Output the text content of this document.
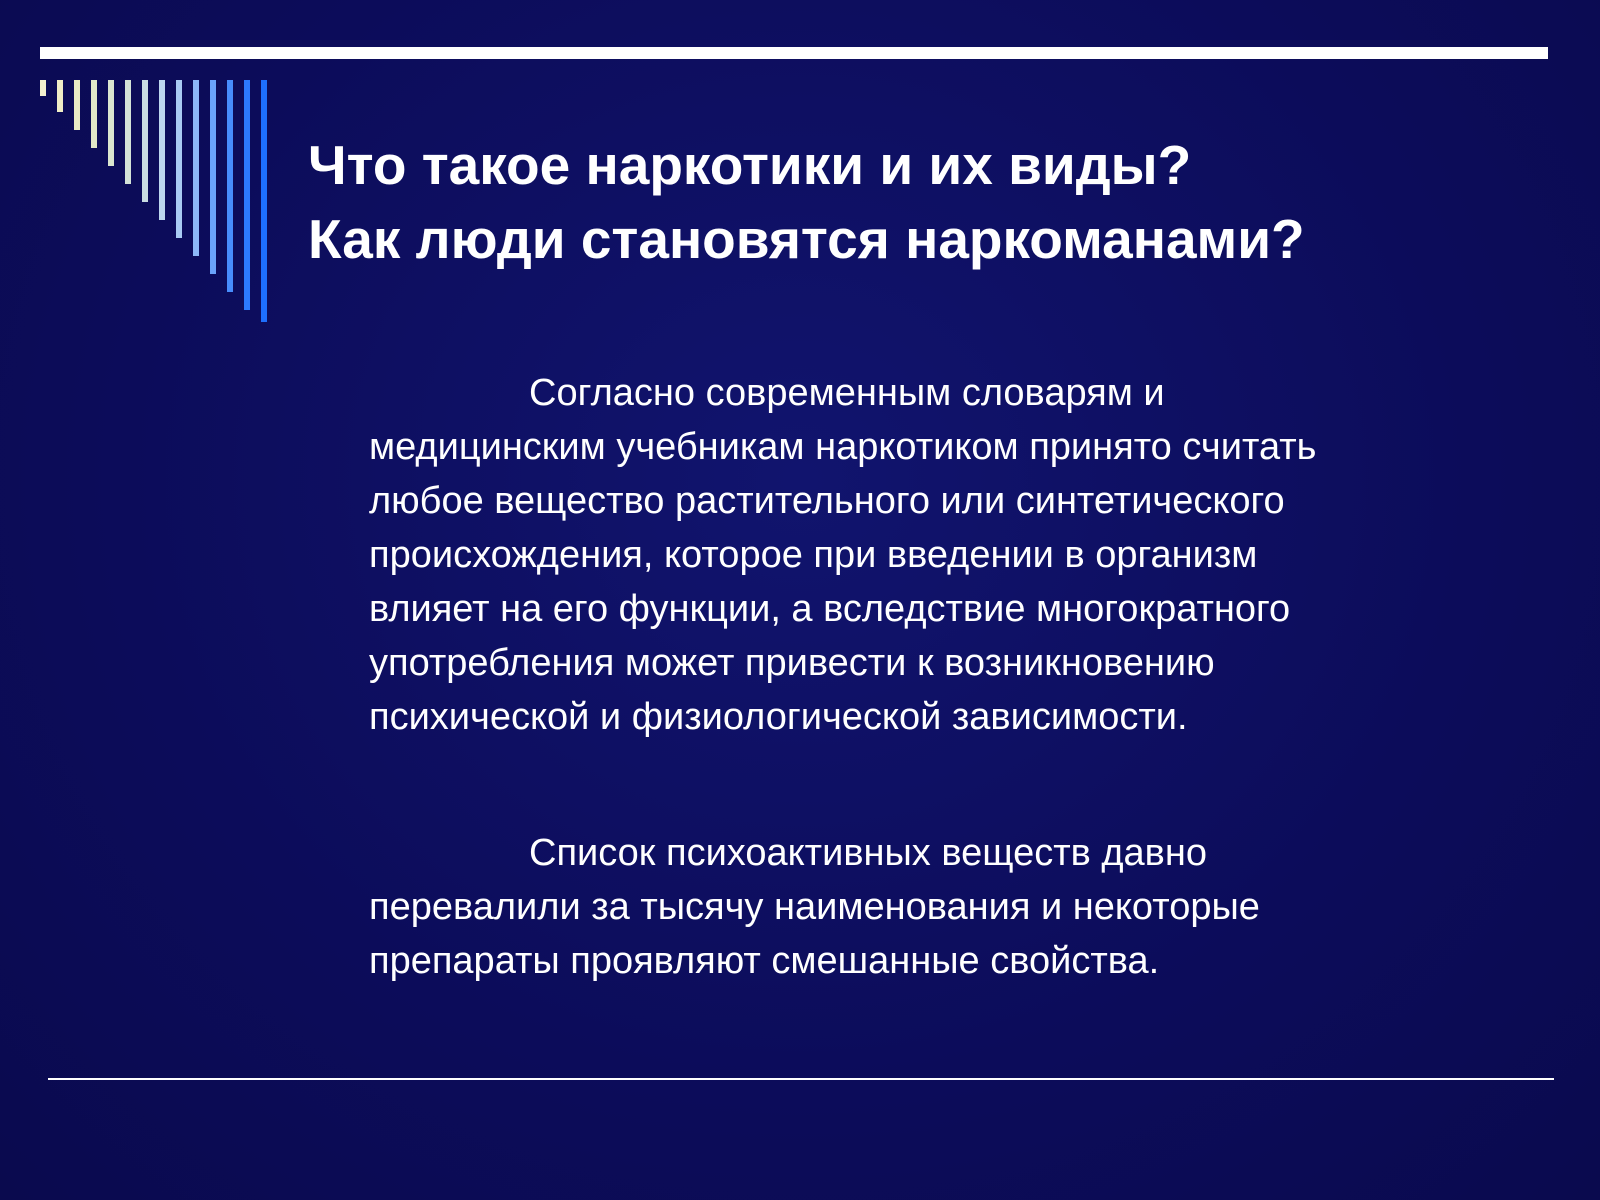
Что такое наркотики и их виды?
Как люди становятся наркоманами?

Согласно современным словарям и
медицинским учебникам наркотиком принято считать
любое вещество растительного или синтетического
происхождения, которое при введении в организм
влияет на его функции, а вследствие многократного
употребления может привести к возникновению
психической и физиологической зависимости.

Список психоактивных веществ давно
перевалили за тысячу наименования и некоторые
препараты проявляют смешанные свойства.
